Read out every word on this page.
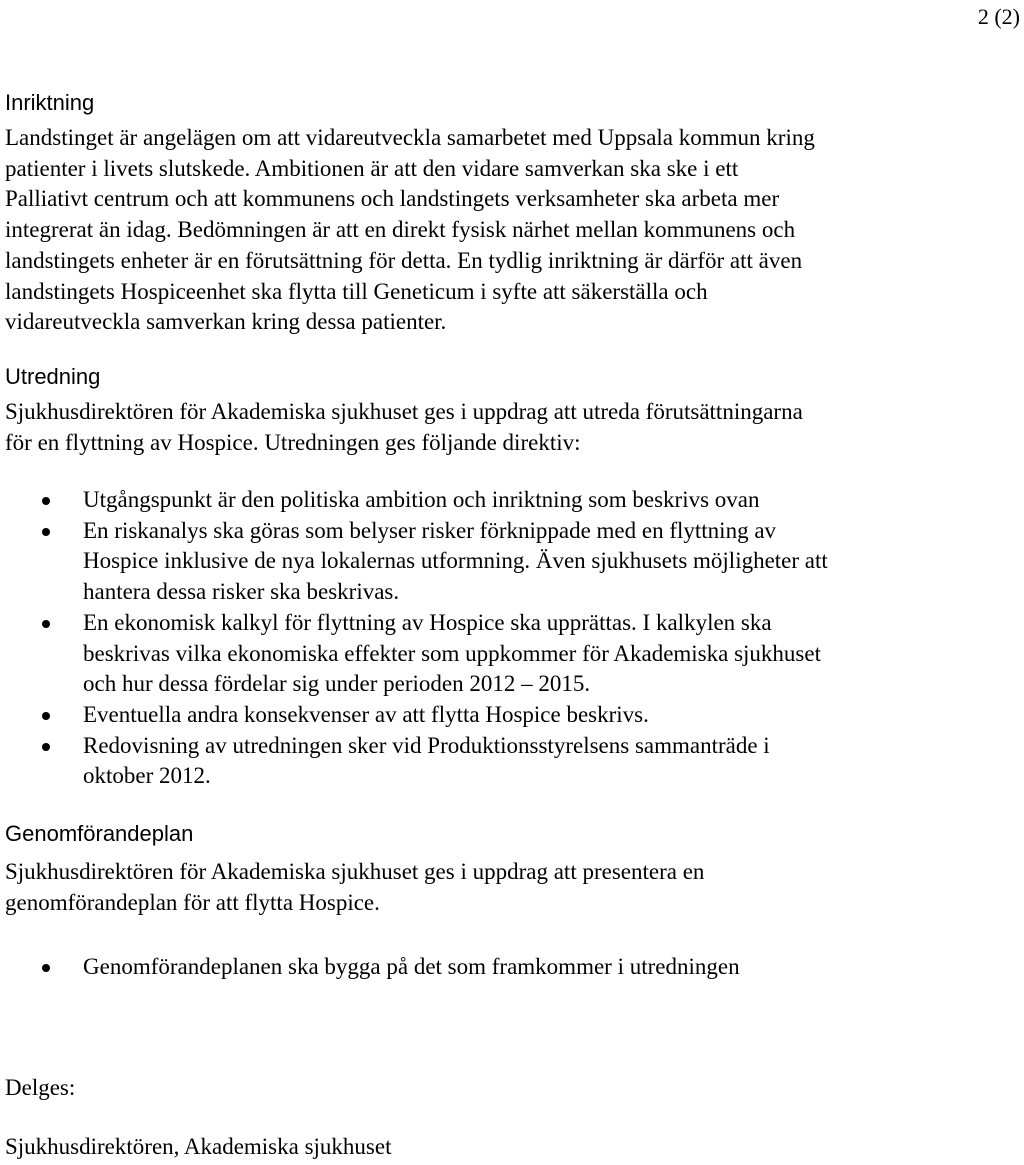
2 (2)
Inriktning
Landstinget är angelägen om att vidareutveckla samarbetet med Uppsala kommun kring
patienter i livets slutskede. Ambitionen är att den vidare samverkan ska ske i ett
Palliativt centrum och att kommunens och landstingets verksamheter ska arbeta mer
integrerat än idag. Bedömningen är att en direkt fysisk närhet mellan kommunens och
landstingets enheter är en förutsättning för detta. En tydlig inriktning är därför att även
landstingets Hospiceenhet ska flytta till Geneticum i syfte att säkerställa och
vidareutveckla samverkan kring dessa patienter.
Utredning
Sjukhusdirektören för Akademiska sjukhuset ges i uppdrag att utreda förutsättningarna
för en flyttning av Hospice. Utredningen ges följande direktiv:
Utgångspunkt är den politiska ambition och inriktning som beskrivs ovan
En riskanalys ska göras som belyser risker förknippade med en flyttning av
Hospice inklusive de nya lokalernas utformning. Även sjukhusets möjligheter att
hantera dessa risker ska beskrivas.
En ekonomisk kalkyl för flyttning av Hospice ska upprättas. I kalkylen ska
beskrivas vilka ekonomiska effekter som uppkommer för Akademiska sjukhuset
och hur dessa fördelar sig under perioden 2012 – 2015.
Eventuella andra konsekvenser av att flytta Hospice beskrivs.
Redovisning av utredningen sker vid Produktionsstyrelsens sammanträde i
oktober 2012.
Genomförandeplan
Sjukhusdirektören för Akademiska sjukhuset ges i uppdrag att presentera en
genomförandeplan för att flytta Hospice.
Genomförandeplanen ska bygga på det som framkommer i utredningen
Delges:
Sjukhusdirektören, Akademiska sjukhuset
